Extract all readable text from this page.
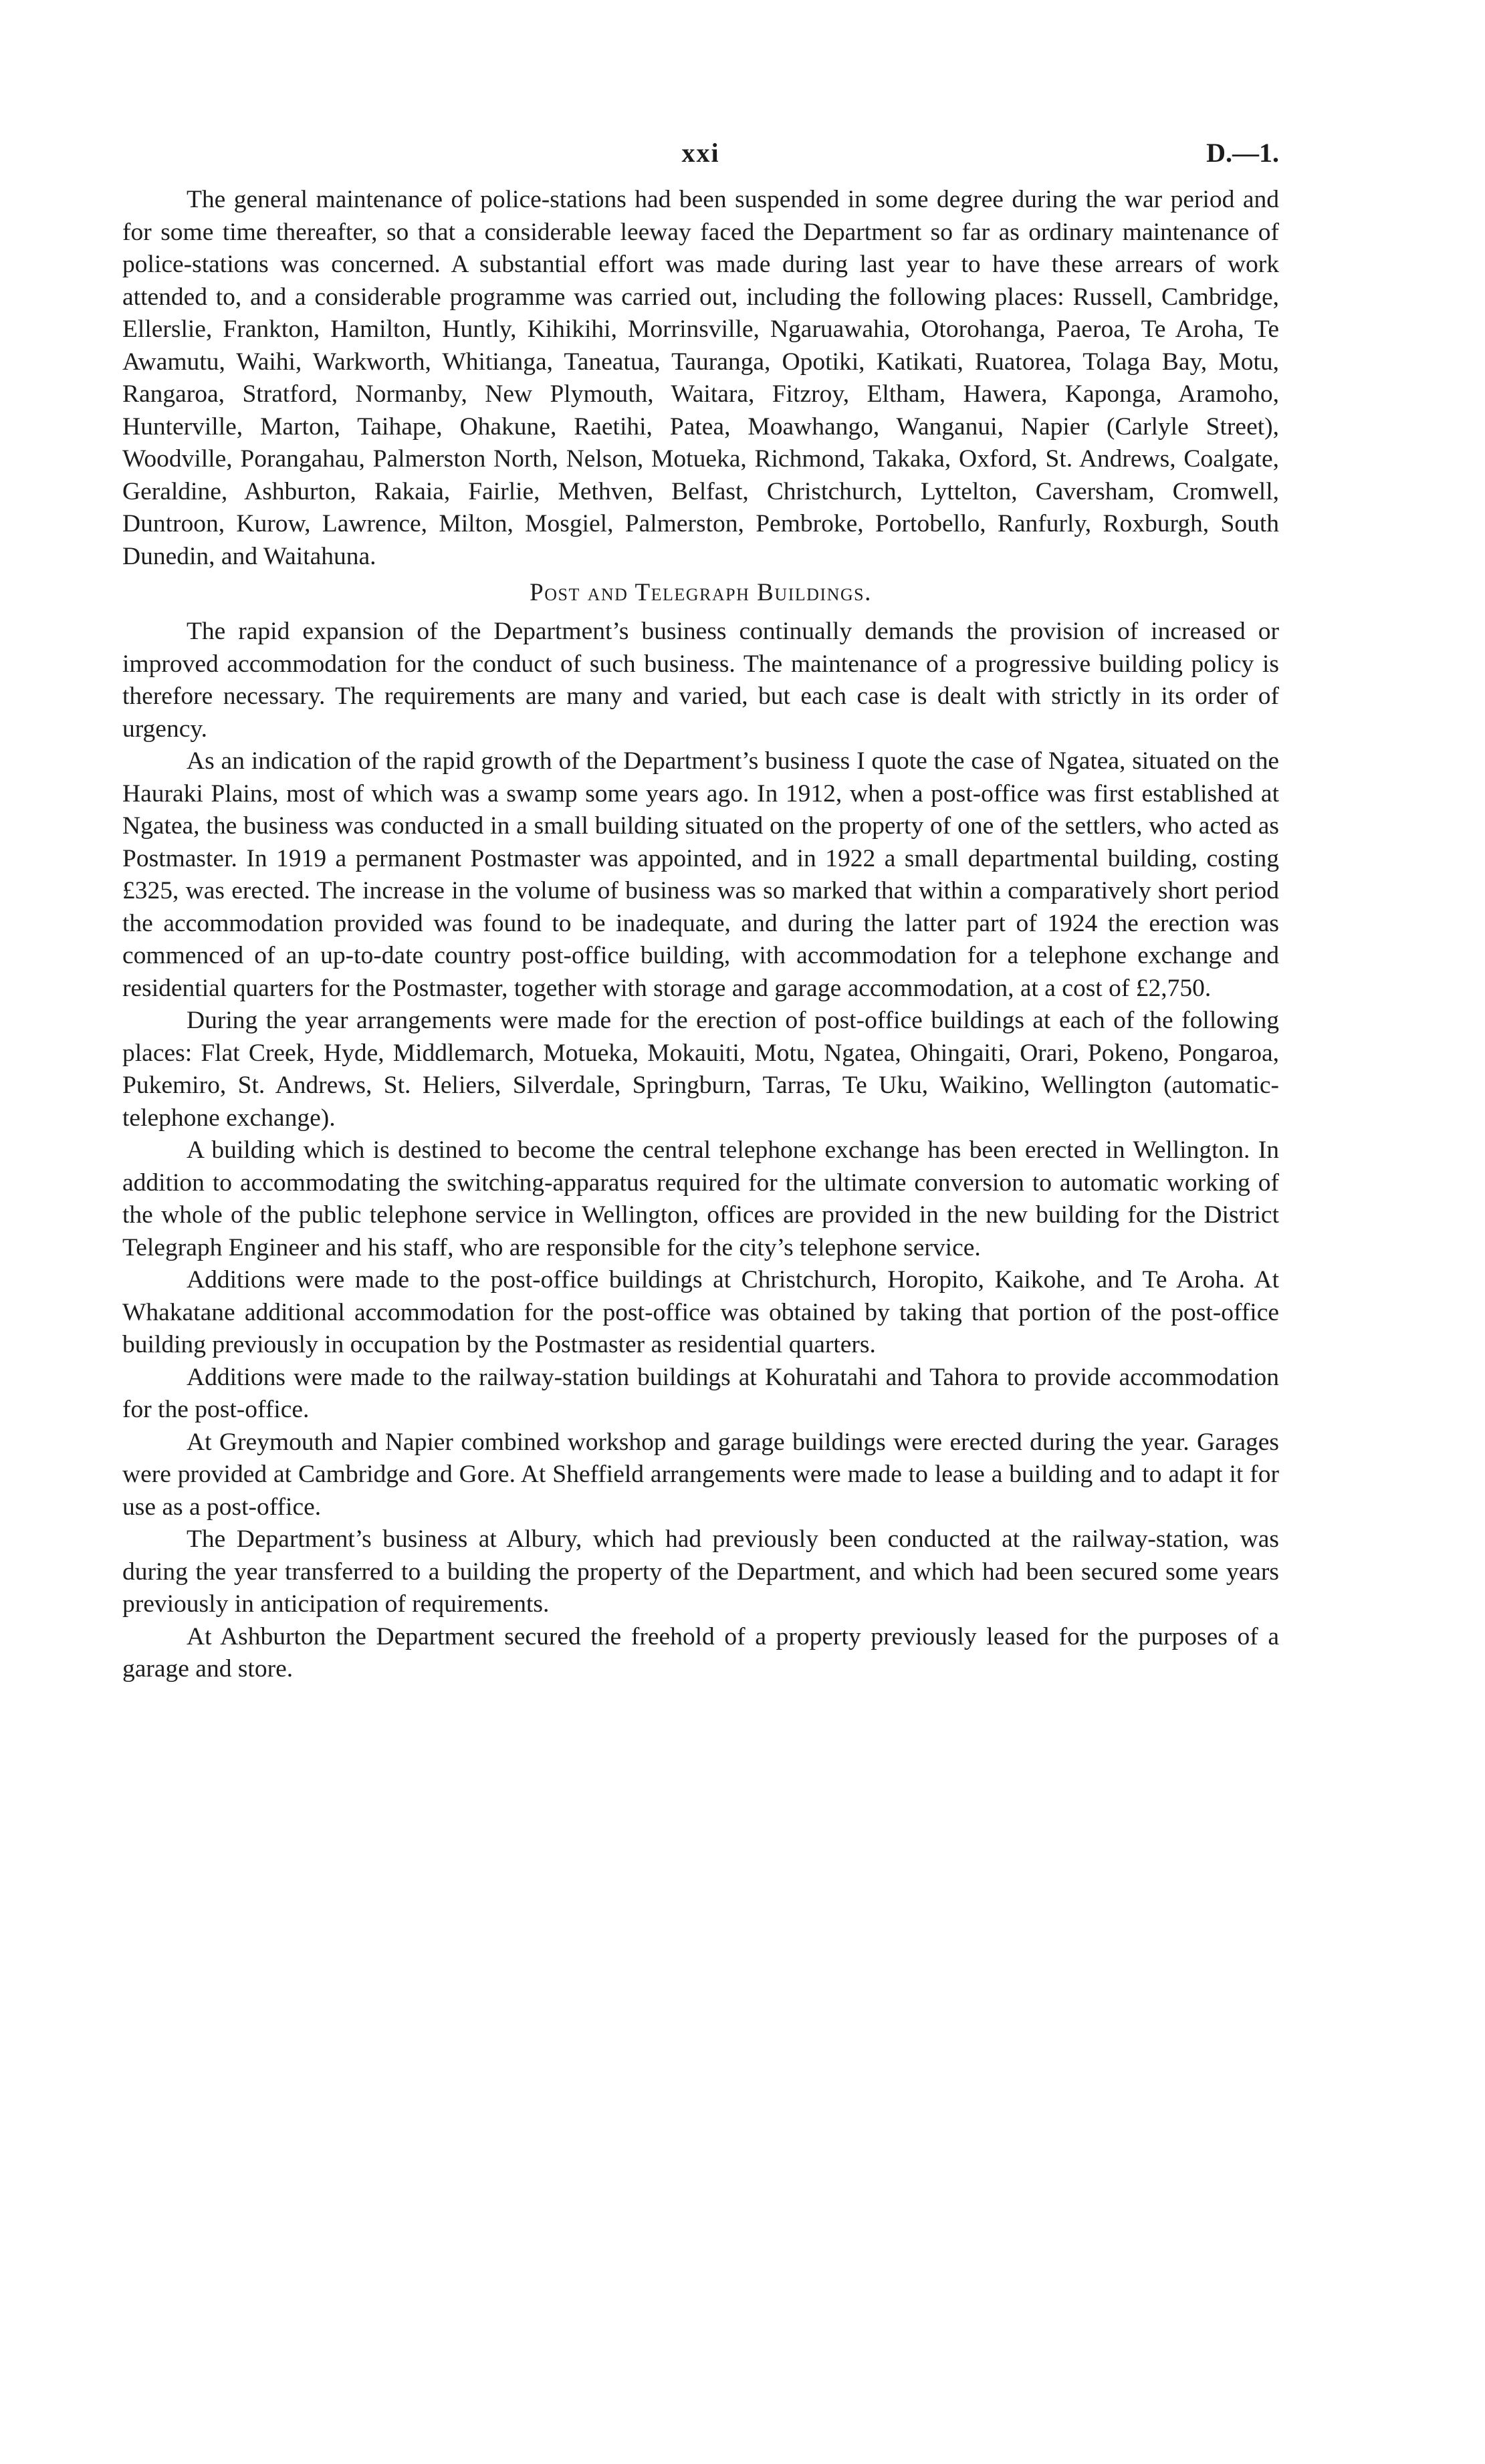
xxi	D.—1.

The general maintenance of police-stations had been suspended in some degree during the war period and for some time thereafter, so that a considerable leeway faced the Department so far as ordinary maintenance of police-stations was concerned. A substantial effort was made during last year to have these arrears of work attended to, and a considerable programme was carried out, including the following places: Russell, Cambridge, Ellerslie, Frankton, Hamilton, Huntly, Kihikihi, Morrinsville, Ngaruawahia, Otorohanga, Paeroa, Te Aroha, Te Awamutu, Waihi, Warkworth, Whitianga, Taneatua, Tauranga, Opotiki, Katikati, Ruatorea, Tolaga Bay, Motu, Rangaroa, Stratford, Normanby, New Plymouth, Waitara, Fitzroy, Eltham, Hawera, Kaponga, Aramoho, Hunterville, Marton, Taihape, Ohakune, Raetihi, Patea, Moawhango, Wanganui, Napier (Carlyle Street), Woodville, Porangahau, Palmerston North, Nelson, Motueka, Richmond, Takaka, Oxford, St. Andrews, Coalgate, Geraldine, Ashburton, Rakaia, Fairlie, Methven, Belfast, Christchurch, Lyttelton, Caversham, Cromwell, Duntroon, Kurow, Lawrence, Milton, Mosgiel, Palmerston, Pembroke, Portobello, Ranfurly, Roxburgh, South Dunedin, and Waitahuna.

Post and Telegraph Buildings.

The rapid expansion of the Department’s business continually demands the provision of increased or improved accommodation for the conduct of such business. The maintenance of a progressive building policy is therefore necessary. The requirements are many and varied, but each case is dealt with strictly in its order of urgency.

As an indication of the rapid growth of the Department’s business I quote the case of Ngatea, situated on the Hauraki Plains, most of which was a swamp some years ago. In 1912, when a post-office was first established at Ngatea, the business was conducted in a small building situated on the property of one of the settlers, who acted as Postmaster. In 1919 a permanent Postmaster was appointed, and in 1922 a small departmental building, costing £325, was erected. The increase in the volume of business was so marked that within a comparatively short period the accommodation provided was found to be inadequate, and during the latter part of 1924 the erection was commenced of an up-to-date country post-office building, with accommodation for a telephone exchange and residential quarters for the Postmaster, together with storage and garage accommodation, at a cost of £2,750.

During the year arrangements were made for the erection of post-office buildings at each of the following places: Flat Creek, Hyde, Middlemarch, Motueka, Mokauiti, Motu, Ngatea, Ohingaiti, Orari, Pokeno, Pongaroa, Pukemiro, St. Andrews, St. Heliers, Silverdale, Springburn, Tarras, Te Uku, Waikino, Wellington (automatic-telephone exchange).

A building which is destined to become the central telephone exchange has been erected in Wellington. In addition to accommodating the switching-apparatus required for the ultimate conversion to automatic working of the whole of the public telephone service in Wellington, offices are provided in the new building for the District Telegraph Engineer and his staff, who are responsible for the city’s telephone service.

Additions were made to the post-office buildings at Christchurch, Horopito, Kaikohe, and Te Aroha. At Whakatane additional accommodation for the post-office was obtained by taking that portion of the post-office building previously in occupation by the Postmaster as residential quarters.

Additions were made to the railway-station buildings at Kohuratahi and Tahora to provide accommodation for the post-office.

At Greymouth and Napier combined workshop and garage buildings were erected during the year. Garages were provided at Cambridge and Gore. At Sheffield arrangements were made to lease a building and to adapt it for use as a post-office.

The Department’s business at Albury, which had previously been conducted at the railway-station, was during the year transferred to a building the property of the Department, and which had been secured some years previously in anticipation of requirements.

At Ashburton the Department secured the freehold of a property previously leased for the purposes of a garage and store.
